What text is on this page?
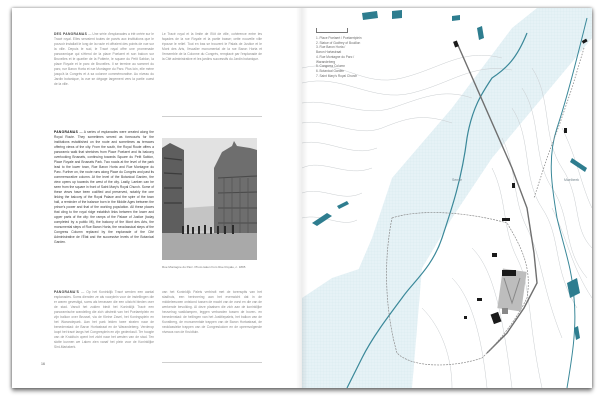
DES PANORAMAS — Une série d'esplanades a été créée sur le Tracé royal. Elles servaient toutes de parvis aux institutions que le pouvoir installait le long de la route et offraient des points de vue sur la ville. Depuis le sud, le Tracé royal offre une promenade panoramique qui s'étend de la place Poelaert et son balcon sur Bruxelles et le quartier de la Putterie, le square du Petit Sablon, la place Royale et le parc de Bruxelles. Il se termine au sommet du parc, rue Baron Horta et rue Montagne du Parc. Plus loin, elle mène jusqu'à la Congrès et à sa colonne commémorative. Au niveau du Jardin botanique, la vue se dégage largement vers la partie ouest de la ville.
Le Tracé royal et la limite de l'ilôt de ville, cohérence entre les façades de la rue Royale et la partie basse; cette nouvelle ville épouse le relief. Tout en bas se trouvent le Palais de Justice et le Mont des Arts, l'escalier monumental de la rue Baron Horta et l'ensemble de la Colonne du Congrès, remplacé par l'esplanade de la Cité administrative et les jardins successifs du Jardin botanique.
PANORAMAS — A series of esplanades were created along the Royal Route. They sometimes served as forecourts for the institutions established on the route and sometimes as terraces offering views of the city. From the south, the Royal Route offers a panoramic walk that stretches from Place Poelaert and its balcony overlooking Brussels, continuing towards Square du Petit Sablon, Place Royale and Brussels Park. Two roads at the level of the park lead to the lower town, Rue Baron Horta and Rue Montagne du Parc. Further on, the route runs along Place du Congrès and past its commemorative column. At the level of the Botanical Garden, the view opens up towards the west of the city. Lastly, Laeken can be seen from the square in front of Saint Mary's Royal Church. Some of these views have been codified and preserved, notably the one linking the balcony of the Royal Palace and the spire of the town hall, a reminder of the balance born in the Middle Ages between the prince's power and that of the working population. All these places that cling to the royal ridge establish links between the lower and upper parts of the city: the ramps of the Palace of Justice (today completed by a public lift), the balcony of the Mont des Arts, the monumental steps of Rue Baron Horta, the neoclassical steps of the Congress Column replaced by the esplanade of the Cité Administrative de l'État and the successive levels of the Botanical Garden.
Rue Montagne du Parc. Photo taken from Rue Royale, c. 1895
PANORAMA'S — Op het Koninklijk Tracé werden een aantal esplanades. Soms dienden ze als voorplein voor de instellingen die er waren gevestigd, soms als terrassen die een uitzicht bieden over de stad. Vanuit het zuiden biedt het Koninklijk Tracé een panoramische wandeling die zich uitstrekt van het Poelaertplein en zijn balkon over Brussel, via de Kleine Zavel, het Koningsplein en het Warandepark. Aan het park leiden twee straten naar de benedenstad: de Baron Hortastraat en de Warandeberg. Verderop loopt het tracé langs het Congresplein en zijn gedenkzuil. Ter hoogte van de Kruidtuin opent het zicht naar het westen van de stad. Ten slotte kunnen we Laken zien vanaf het plein voor de Koninklijke Sint-Mariakerk.
van het Koninklijk Paleis verbindt met de torenspits van het stadhuis, een herinnering aan het evenwicht dat in de middeleeuwen ontstond tussen de macht van de vorst en die van de werkende bevolking. Al deze plaatsen die zich aan de koninklijke heuvelrug vastklampen, leggen verbanden tussen de boven- en benedenstad: de hellingen van het Justitiepaleis, het balkon van de Kunstberg, de monumentale trappen van de Baron Hortastraat, de neoklassieke trappen van de Congreskolom en de opeenvolgende niveaus van de Kruidtuin.
16
1. Place Poelaert / Poelaertplein
2. Statue of Godfrey of Bouillon
3. Rue Baron Horta /
Baron Hortastraat
4. Rue Montagne du Parc /
Warandeberg
5. Congress Column
6. Botanical Garden
7. Saint Mary's Royal Church
Senne	Maelbeek
